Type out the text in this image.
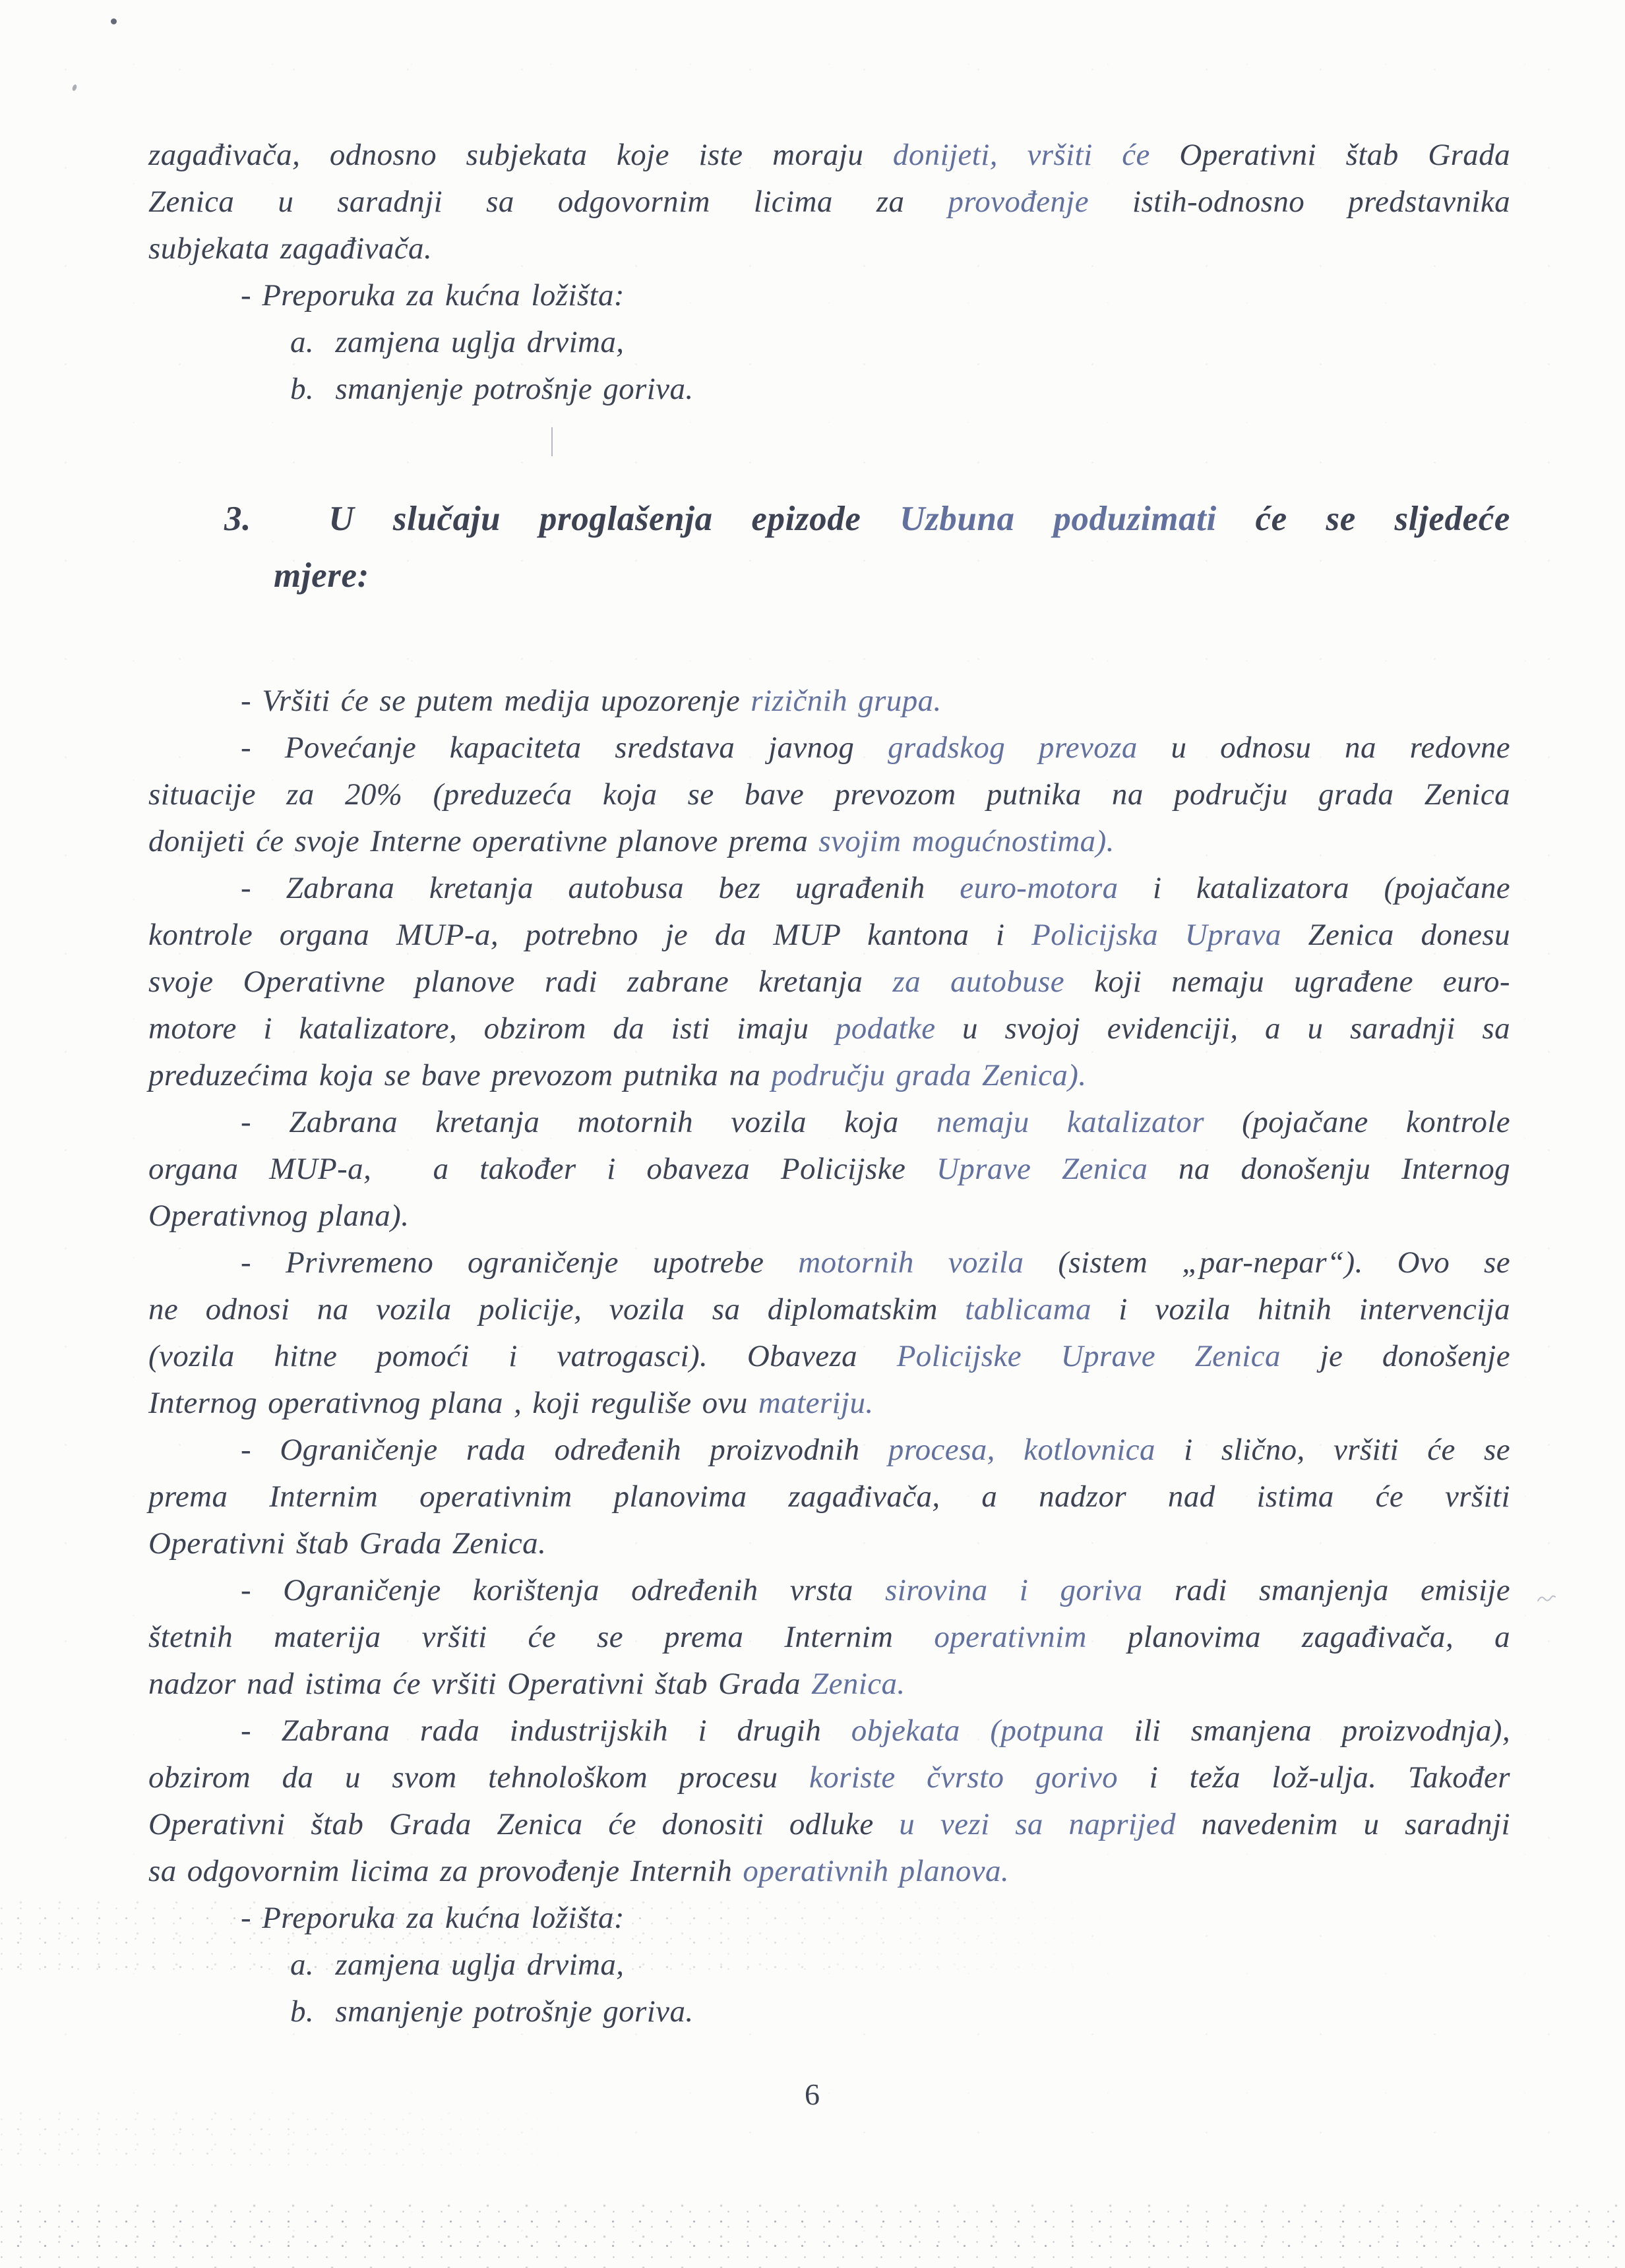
zagađivača, odnosno subjekata koje iste moraju donijeti, vršiti će Operativni štab Grada
Zenica u saradnji sa odgovornim licima za provođenje istih-odnosno predstavnika
subjekata zagađivača.
- Preporuka za kućna ložišta:
a.  zamjena uglja drvima,
b.  smanjenje potrošnje goriva.
3.  U slučaju proglašenja epizode Uzbuna poduzimati će se sljedeće
mjere:
- Vršiti će se putem medija upozorenje rizičnih grupa.
- Povećanje kapaciteta sredstava javnog gradskog prevoza u odnosu na redovne
situacije za 20% (preduzeća koja se bave prevozom putnika na području grada Zenica
donijeti će svoje Interne operativne planove prema svojim mogućnostima).
- Zabrana kretanja autobusa bez ugrađenih euro-motora i katalizatora (pojačane
kontrole organa MUP-a, potrebno je da MUP kantona i Policijska Uprava Zenica donesu
svoje Operativne planove radi zabrane kretanja za autobuse koji nemaju ugrađene euro-
motore i katalizatore, obzirom da isti imaju podatke u svojoj evidenciji, a u saradnji sa
preduzećima koja se bave prevozom putnika na području grada Zenica).
- Zabrana kretanja motornih vozila koja nemaju katalizator (pojačane kontrole
organa MUP-a,  a također i obaveza Policijske Uprave Zenica na donošenju Internog
Operativnog plana).
- Privremeno ograničenje upotrebe motornih vozila (sistem „par-nepar“). Ovo se
ne odnosi na vozila policije, vozila sa diplomatskim tablicama i vozila hitnih intervencija
(vozila hitne pomoći i vatrogasci). Obaveza Policijske Uprave Zenica je donošenje
Internog operativnog plana , koji reguliše ovu materiju.
- Ograničenje rada određenih proizvodnih procesa, kotlovnica i slično, vršiti će se
prema Internim operativnim planovima zagađivača, a nadzor nad istima će vršiti
Operativni štab Grada Zenica.
- Ograničenje korištenja određenih vrsta sirovina i goriva radi smanjenja emisije
štetnih materija vršiti će se prema Internim operativnim planovima zagađivača, a
nadzor nad istima će vršiti Operativni štab Grada Zenica.
- Zabrana rada industrijskih i drugih objekata (potpuna ili smanjena proizvodnja),
obzirom da u svom tehnološkom procesu koriste čvrsto gorivo i teža lož-ulja. Također
Operativni štab Grada Zenica će donositi odluke u vezi sa naprijed navedenim u saradnji
sa odgovornim licima za provođenje Internih operativnih planova.
- Preporuka za kućna ložišta:
a.  zamjena uglja drvima,
b.  smanjenje potrošnje goriva.
6
